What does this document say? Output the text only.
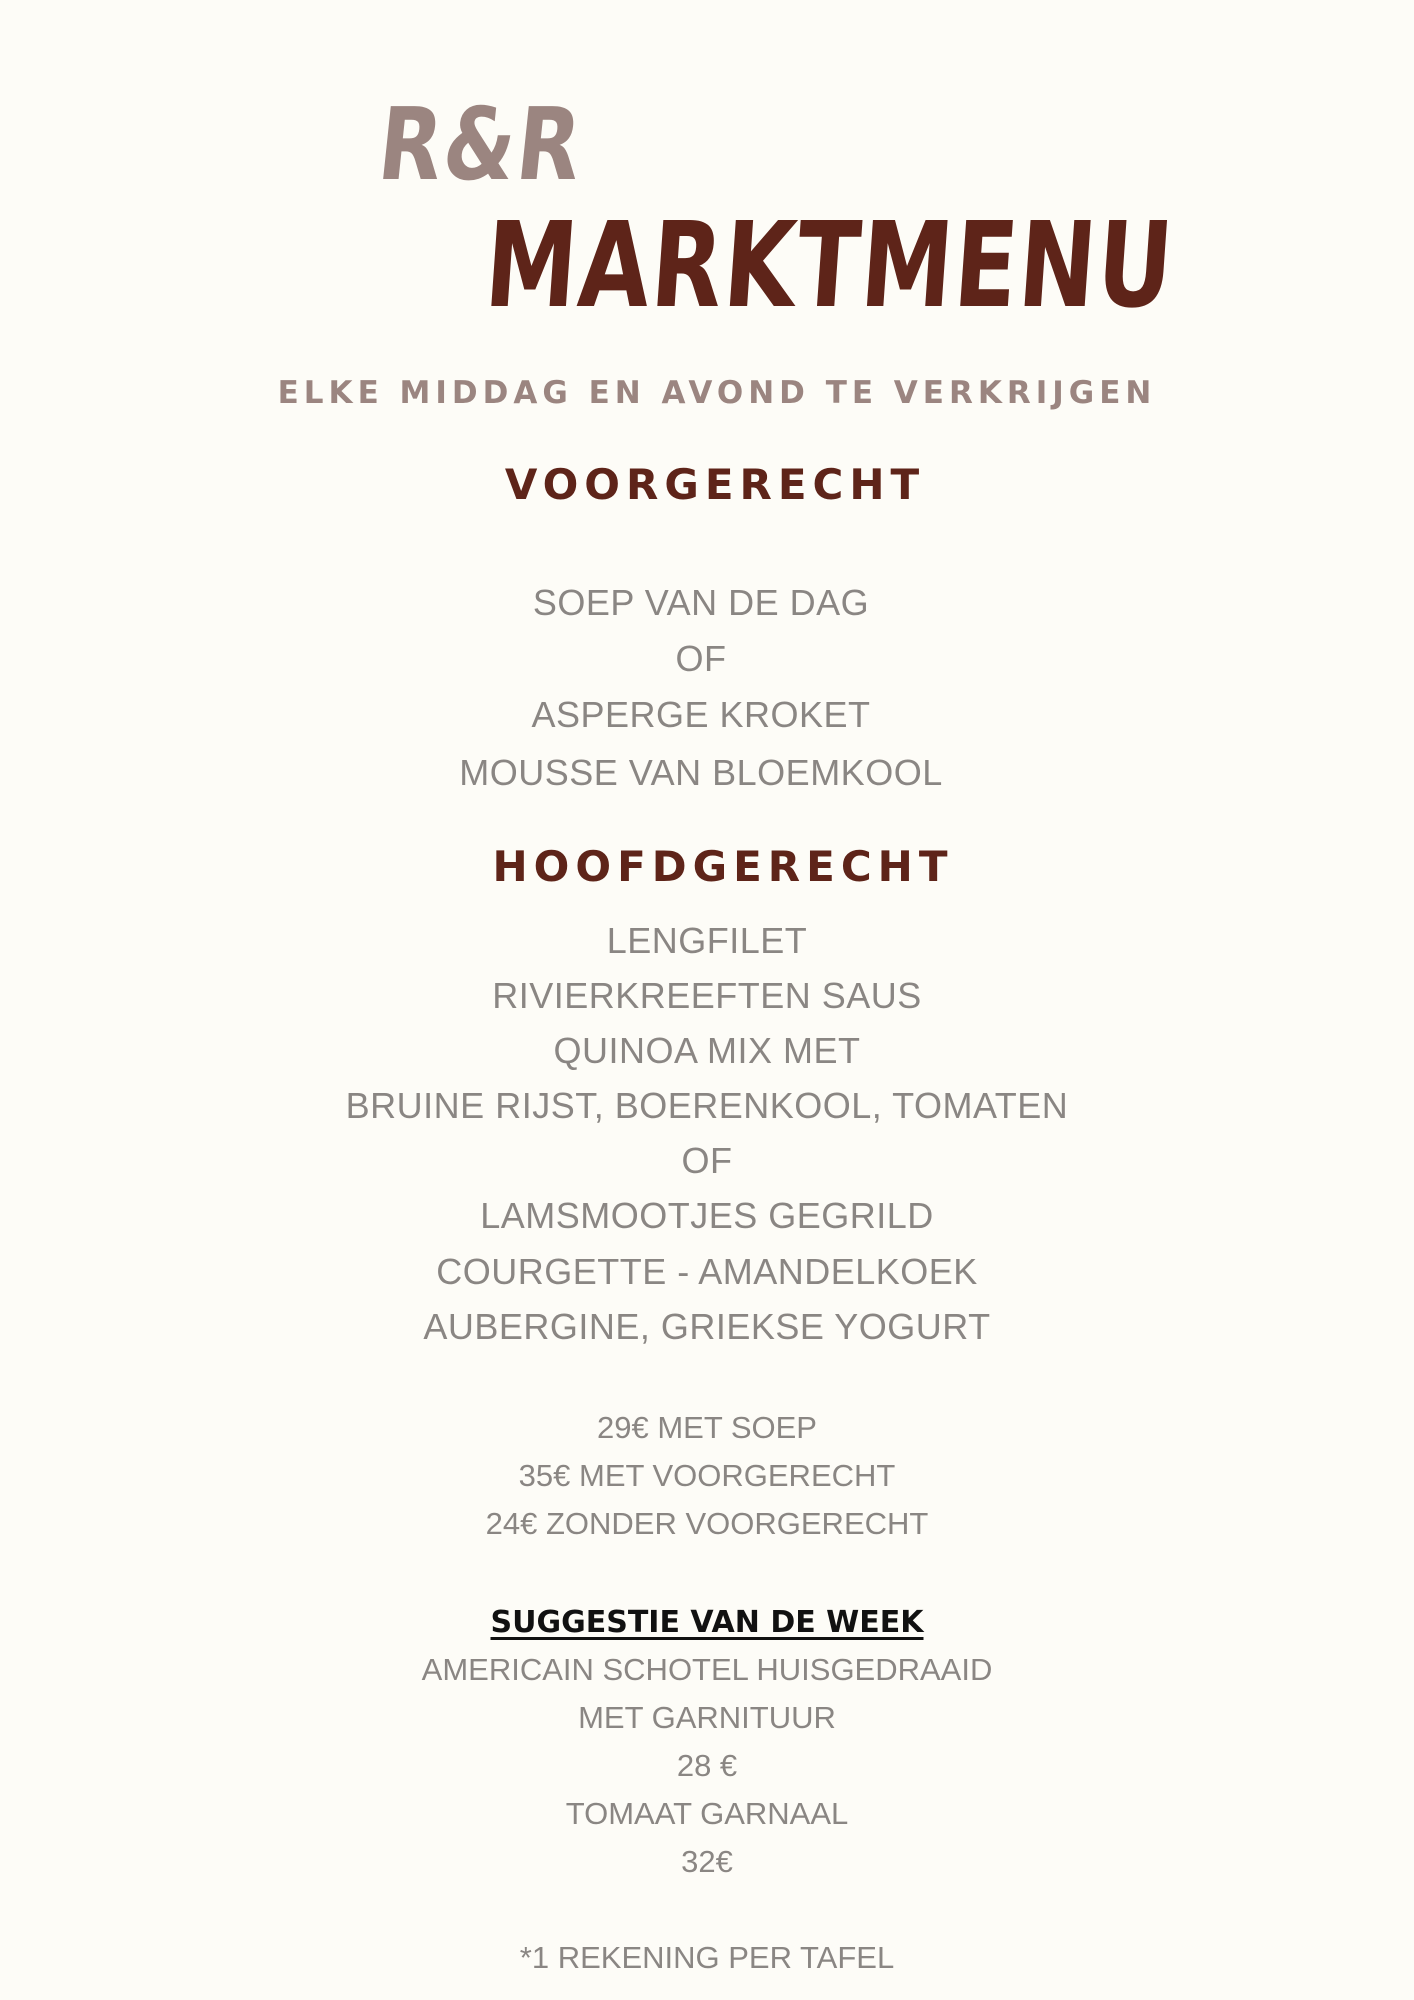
R&R
MARKTMENU
ELKE MIDDAG EN AVOND TE VERKRIJGEN
VOORGERECHT
SOEP VAN DE DAG
OF
ASPERGE KROKET
MOUSSE VAN BLOEMKOOL
HOOFDGERECHT
LENGFILET
RIVIERKREEFTEN SAUS
QUINOA MIX MET
BRUINE RIJST, BOERENKOOL, TOMATEN
OF
LAMSMOOTJES GEGRILD
COURGETTE - AMANDELKOEK
AUBERGINE, GRIEKSE YOGURT
29€ MET SOEP
35€ MET VOORGERECHT
24€ ZONDER VOORGERECHT
SUGGESTIE VAN DE WEEK
AMERICAIN SCHOTEL HUISGEDRAAID
MET GARNITUUR
28 €
TOMAAT GARNAAL
32€
*1 REKENING PER TAFEL
